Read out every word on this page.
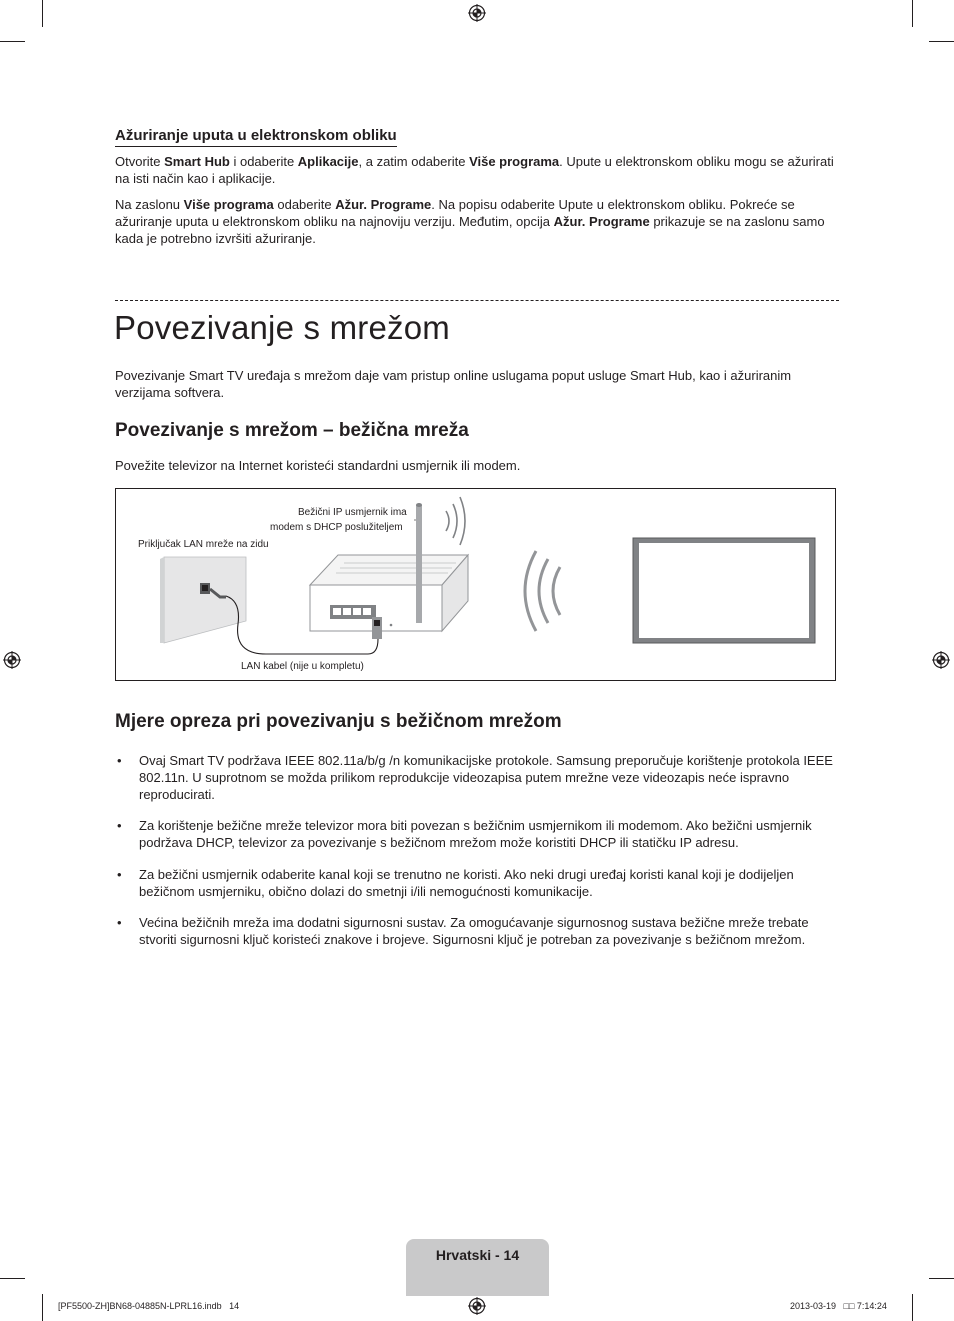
Ažuriranje uputa u elektronskom obliku

Otvorite Smart Hub i odaberite Aplikacije, a zatim odaberite Više programa. Upute u elektronskom obliku mogu se ažurirati na isti način kao i aplikacije.

Na zaslonu Više programa odaberite Ažur. Programe. Na popisu odaberite Upute u elektronskom obliku. Pokreće se ažuriranje uputa u elektronskom obliku na najnoviju verziju. Međutim, opcija Ažur. Programe prikazuje se na zaslonu samo kada je potrebno izvršiti ažuriranje.

Povezivanje s mrežom

Povezivanje Smart TV uređaja s mrežom daje vam pristup online uslugama poput usluge Smart Hub, kao i ažuriranim verzijama softvera.

Povezivanje s mrežom – bežična mreža

Povežite televizor na Internet koristeći standardni usmjernik ili modem.

Bežični IP usmjernik ima
modem s DHCP poslužiteljem
Priključak LAN mreže na zidu
LAN kabel (nije u kompletu)
Mjere opreza pri povezivanju s bežičnom mrežom
• Ovaj Smart TV podržava IEEE 802.11a/b/g /n komunikacijske protokole. Samsung preporučuje korištenje protokola IEEE 802.11n. U suprotnom se možda prilikom reprodukcije videozapisa putem mrežne veze videozapis neće ispravno reproducirati.
• Za korištenje bežične mreže televizor mora biti povezan s bežičnim usmjernikom ili modemom. Ako bežični usmjernik podržava DHCP, televizor za povezivanje s bežičnom mrežom može koristiti DHCP ili statičku IP adresu.
• Za bežični usmjernik odaberite kanal koji se trenutno ne koristi. Ako neki drugi uređaj koristi kanal koji je dodijeljen bežičnom usmjerniku, obično dolazi do smetnji i/ili nemogućnosti komunikacije.
• Većina bežičnih mreža ima dodatni sigurnosni sustav. Za omogućavanje sigurnosnog sustava bežične mreže trebate stvoriti sigurnosni ključ koristeći znakove i brojeve. Sigurnosni ključ je potreban za povezivanje s bežičnom mrežom.
Hrvatski - 14
[PF5500-ZH]BN68-04885N-LPRL16.indb   14	2013-03-19   □□ 7:14:24
